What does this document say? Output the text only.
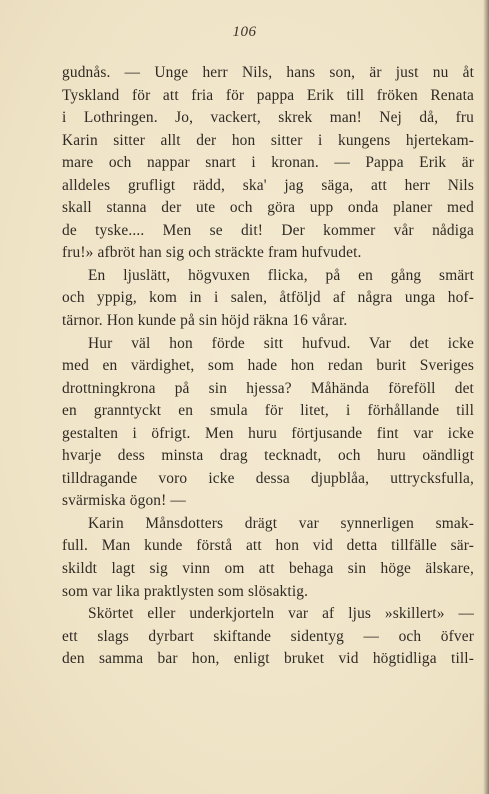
106
gudnås. — Unge herr Nils, hans son, är just nu åt
Tyskland för att fria för pappa Erik till fröken Renata
i Lothringen. Jo, vackert, skrek man! Nej då, fru
Karin sitter allt der hon sitter i kungens hjertekam-
mare och nappar snart i kronan. — Pappa Erik är
alldeles grufligt rädd, ska' jag säga, att herr Nils
skall stanna der ute och göra upp onda planer med
de tyske.... Men se dit! Der kommer vår nådiga
fru!» afbröt han sig och sträckte fram hufvudet.
En ljuslätt, högvuxen flicka, på en gång smärt
och yppig, kom in i salen, åtföljd af några unga hof-
tärnor. Hon kunde på sin höjd räkna 16 vårar.
Hur väl hon förde sitt hufvud. Var det icke
med en värdighet, som hade hon redan burit Sveriges
drottningkrona på sin hjessa? Måhända föreföll det
en granntyckt en smula för litet, i förhållande till
gestalten i öfrigt. Men huru förtjusande fint var icke
hvarje dess minsta drag tecknadt, och huru oändligt
tilldragande voro icke dessa djupblåa, uttrycksfulla,
svärmiska ögon! —
Karin Månsdotters drägt var synnerligen smak-
full. Man kunde förstå att hon vid detta tillfälle sär-
skildt lagt sig vinn om att behaga sin höge älskare,
som var lika praktlysten som slösaktig.
Skörtet eller underkjorteln var af ljus »skillert» —
ett slags dyrbart skiftande sidentyg — och öfver
den samma bar hon, enligt bruket vid högtidliga till-
